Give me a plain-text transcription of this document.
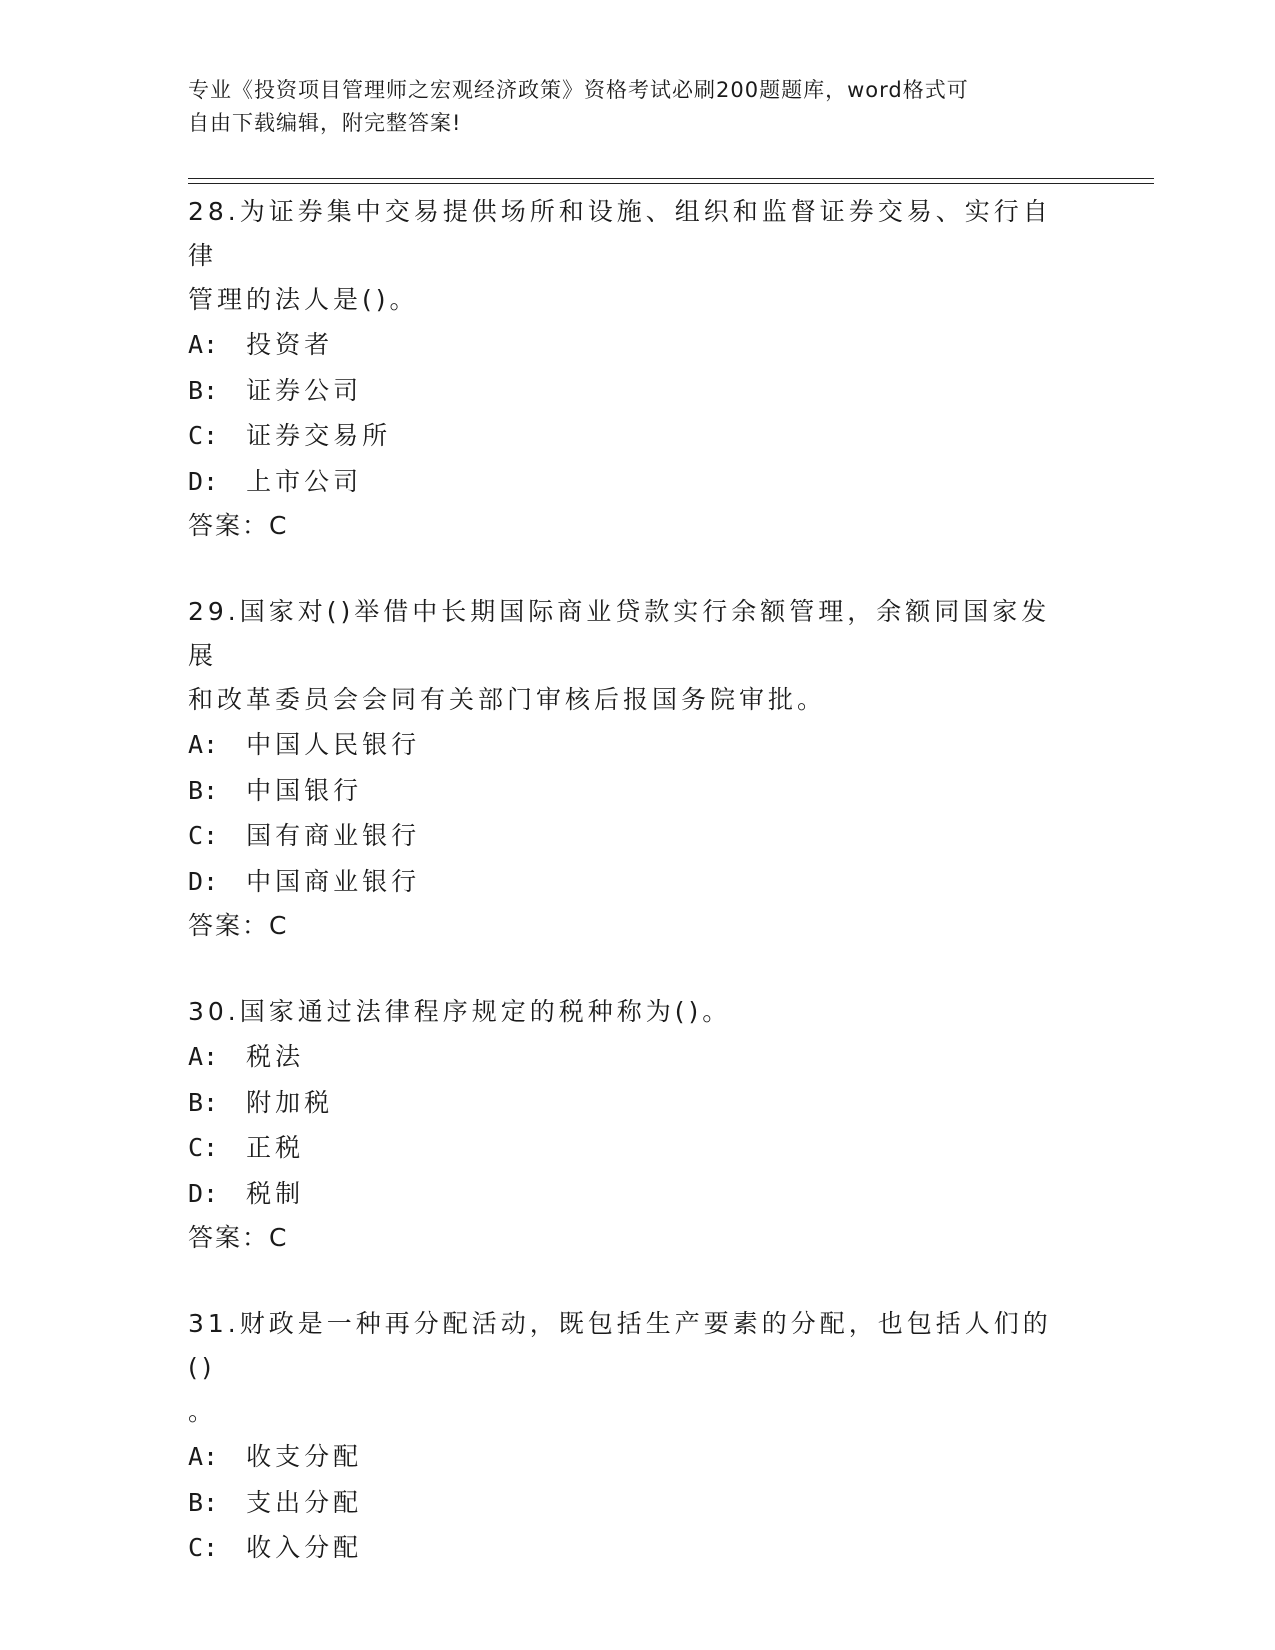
专业《投资项目管理师之宏观经济政策》资格考试必刷200题题库，word格式可
自由下载编辑，附完整答案!
28.为证券集中交易提供场所和设施、组织和监督证券交易、实行自律
管理的法人是()。
A: 投资者
B: 证券公司
C: 证券交易所
D: 上市公司
答案：C
29.国家对()举借中长期国际商业贷款实行余额管理，余额同国家发展
和改革委员会会同有关部门审核后报国务院审批。
A: 中国人民银行
B: 中国银行
C: 国有商业银行
D: 中国商业银行
答案：C
30.国家通过法律程序规定的税种称为()。
A: 税法
B: 附加税
C: 正税
D: 税制
答案：C
31.财政是一种再分配活动，既包括生产要素的分配，也包括人们的()
。
A: 收支分配
B: 支出分配
C: 收入分配
